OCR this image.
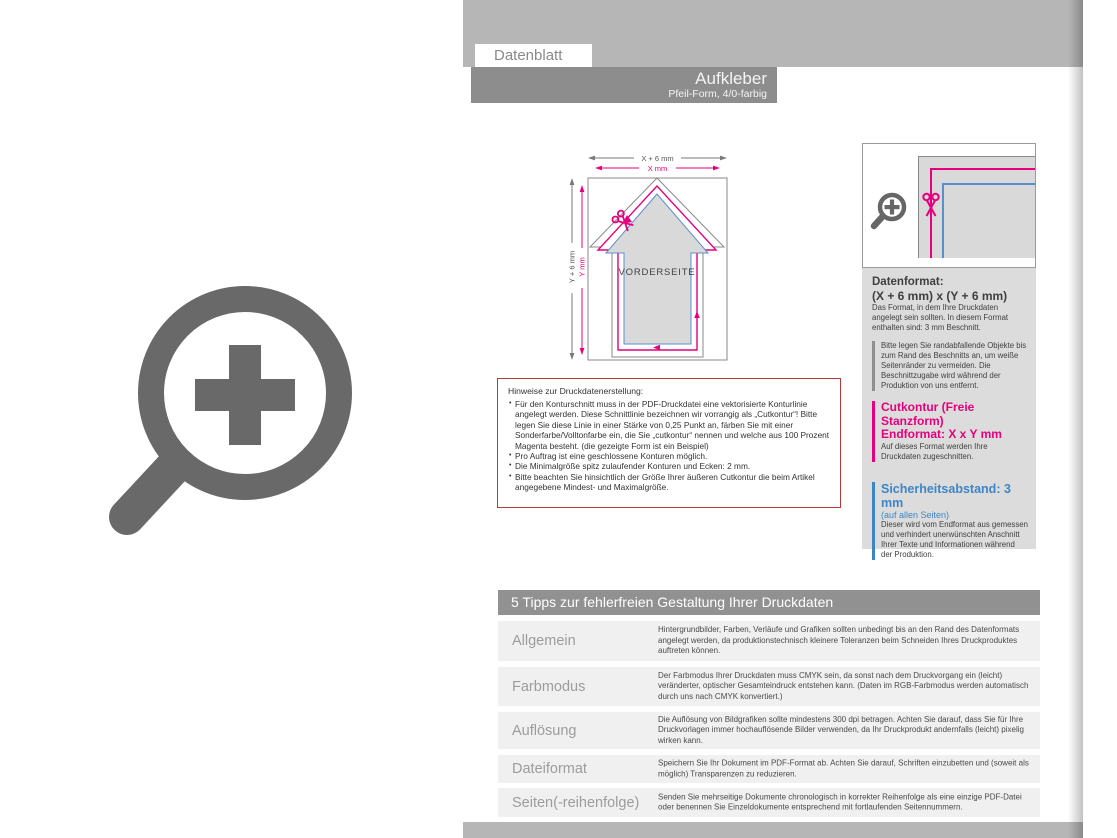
Datenblatt
Aufkleber
Pfeil-Form, 4/0-farbig
X + 6 mm
X mm
Y + 6 mm Y mm	VORDERSEITE
Hinweise zur Druckdatenerstellung:
• Für den Konturschnitt muss in der PDF-Druckdatei eine vektorisierte Konturlinie angelegt werden. Diese Schnittlinie bezeichnen wir vorrangig als „Cutkontur“! Bitte legen Sie diese Linie in einer Stärke von 0,25 Punkt an, färben Sie mit einer Sonderfarbe/Volltonfarbe ein, die Sie „cutkontur“ nennen und welche aus 100 Prozent Magenta besteht. (die gezeigte Form ist ein Beispiel)
• Pro Auftrag ist eine geschlossene Konturen möglich.
• Die Minimalgröße spitz zulaufender Konturen und Ecken: 2 mm.
• Bitte beachten Sie hinsichtlich der Größe Ihrer äußeren Cutkontur die beim Artikel angegebene Mindest- und Maximalgröße.
Datenformat:
(X + 6 mm) x (Y + 6 mm)
Das Format, in dem Ihre Druckdaten angelegt sein sollten. In diesem Format enthalten sind: 3 mm Beschnitt.
Bitte legen Sie randabfallende Objekte bis zum Rand des Beschnitts an, um weiße Seitenränder zu vermeiden. Die Beschnittzugabe wird während der Produktion von uns entfernt.
Cutkontur (Freie Stanzform)
Endformat: X x Y mm
Auf dieses Format werden Ihre Druckdaten zugeschnitten.
Sicherheitsabstand: 3 mm
(auf allen Seiten)
Dieser wird vom Endformat aus gemessen und verhindert unerwünschten Anschnitt Ihrer Texte und Informationen während der Produktion.
5 Tipps zur fehlerfreien Gestaltung Ihrer Druckdaten
Allgemein
Hintergrundbilder, Farben, Verläufe und Grafiken sollten unbedingt bis an den Rand des Datenformats angelegt werden, da produktionstechnisch kleinere Toleranzen beim Schneiden Ihres Druckproduktes auftreten können.
Farbmodus
Der Farbmodus Ihrer Druckdaten muss CMYK sein, da sonst nach dem Druckvorgang ein (leicht) veränderter, optischer Gesamteindruck entstehen kann. (Daten im RGB-Farbmodus werden automatisch durch uns nach CMYK konvertiert.)
Auflösung
Die Auflösung von Bildgrafiken sollte mindestens 300 dpi betragen. Achten Sie darauf, dass Sie für Ihre Druckvorlagen immer hochauflösende Bilder verwenden, da Ihr Druckprodukt andernfalls (leicht) pixelig wirken kann.
Dateiformat	Speichern Sie Ihr Dokument im PDF-Format ab. Achten Sie darauf, Schriften einzubetten und (soweit als möglich) Transparenzen zu reduzieren.
Seiten(-reihenfolge) Senden Sie mehrseitige Dokumente chronologisch in korrekter Reihenfolge als eine einzige PDF-Datei oder benennen Sie Einzeldokumente entsprechend mit fortlaufenden Seitennummern.
